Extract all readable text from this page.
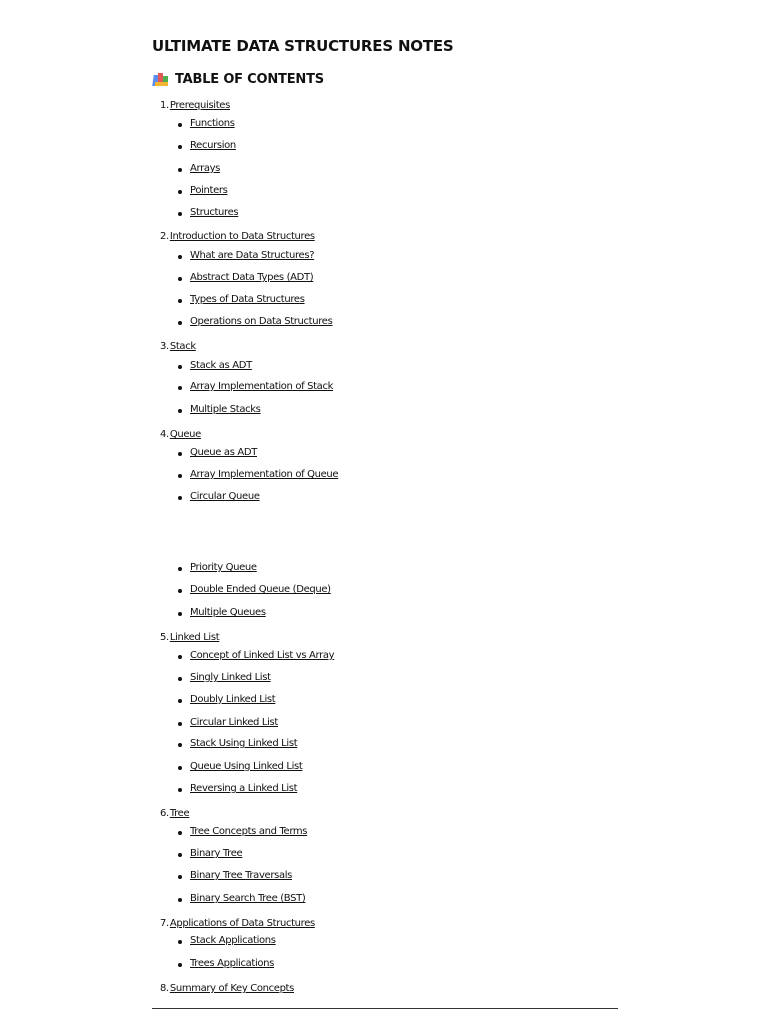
ULTIMATE DATA STRUCTURES NOTES
TABLE OF CONTENTS
1.Prerequisites
Functions
Recursion
Arrays
Pointers
Structures
2.Introduction to Data Structures
What are Data Structures?
Abstract Data Types (ADT)
Types of Data Structures
Operations on Data Structures
3.Stack
Stack as ADT
Array Implementation of Stack
Multiple Stacks
4.Queue
Queue as ADT
Array Implementation of Queue
Circular Queue
Priority Queue
Double Ended Queue (Deque)
Multiple Queues
5.Linked List
Concept of Linked List vs Array
Singly Linked List
Doubly Linked List
Circular Linked List
Stack Using Linked List
Queue Using Linked List
Reversing a Linked List
6.Tree
Tree Concepts and Terms
Binary Tree
Binary Tree Traversals
Binary Search Tree (BST)
7.Applications of Data Structures
Stack Applications
Trees Applications
8.Summary of Key Concepts
